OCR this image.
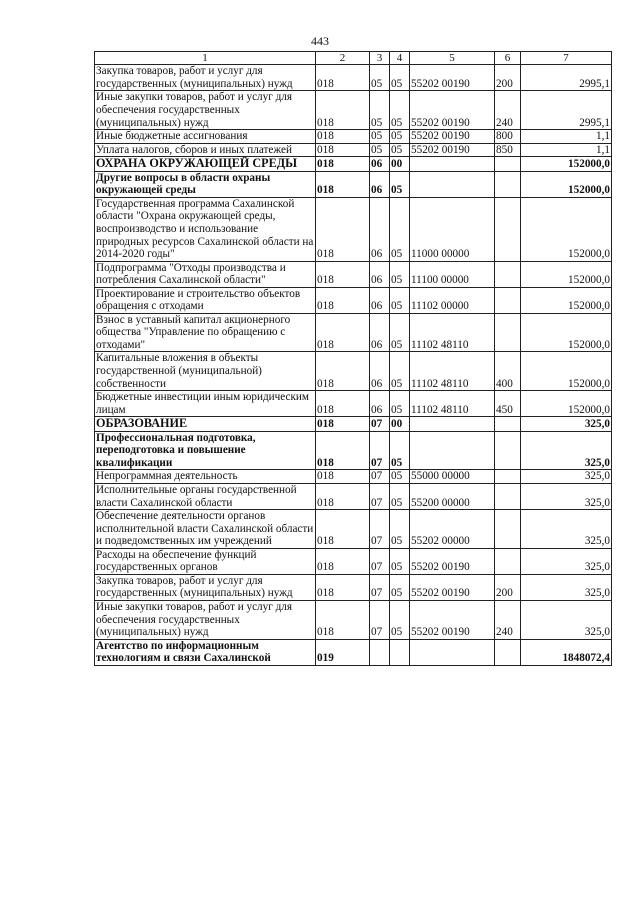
443
1	2	3	4	5	6	7
Закупка товаров, работ и услуг для государственных (муниципальных) нужд	018	05	05	55202 00190	200	2995,1
Иные закупки товаров, работ и услуг для обеспечения государственных (муниципальных) нужд	018	05	05	55202 00190	240	2995,1
Иные бюджетные ассигнования	018	05	05	55202 00190	800	1,1
Уплата налогов, сборов и иных платежей	018	05	05	55202 00190	850	1,1
ОХРАНА ОКРУЖАЮЩЕЙ СРЕДЫ	018	06	00			152000,0
Другие вопросы в области охраны окружающей среды	018	06	05			152000,0
Государственная программа Сахалинской области "Охрана окружающей среды, воспроизводство и использование природных ресурсов Сахалинской области на 2014-2020 годы"	018	06	05	11000 00000		152000,0
Подпрограмма "Отходы производства и потребления Сахалинской области"	018	06	05	11100 00000		152000,0
Проектирование и строительство объектов обращения с отходами	018	06	05	11102 00000		152000,0
Взнос в уставный капитал акционерного общества "Управление по обращению с отходами"	018	06	05	11102 48110		152000,0
Капитальные вложения в объекты государственной (муниципальной) собственности	018	06	05	11102 48110	400	152000,0
Бюджетные инвестиции иным юридическим лицам	018	06	05	11102 48110	450	152000,0
ОБРАЗОВАНИЕ	018	07	00			325,0
Профессиональная подготовка, переподготовка и повышение квалификации	018	07	05			325,0
Непрограммная деятельность	018	07	05	55000 00000		325,0
Исполнительные органы государственной власти Сахалинской области	018	07	05	55200 00000		325,0
Обеспечение деятельности органов исполнительной власти Сахалинской области и подведомственных им учреждений	018	07	05	55202 00000		325,0
Расходы на обеспечение функций государственных органов	018	07	05	55202 00190		325,0
Закупка товаров, работ и услуг для государственных (муниципальных) нужд	018	07	05	55202 00190	200	325,0
Иные закупки товаров, работ и услуг для обеспечения государственных (муниципальных) нужд	018	07	05	55202 00190	240	325,0
Агентство по информационным технологиям и связи Сахалинской	019					1848072,4
